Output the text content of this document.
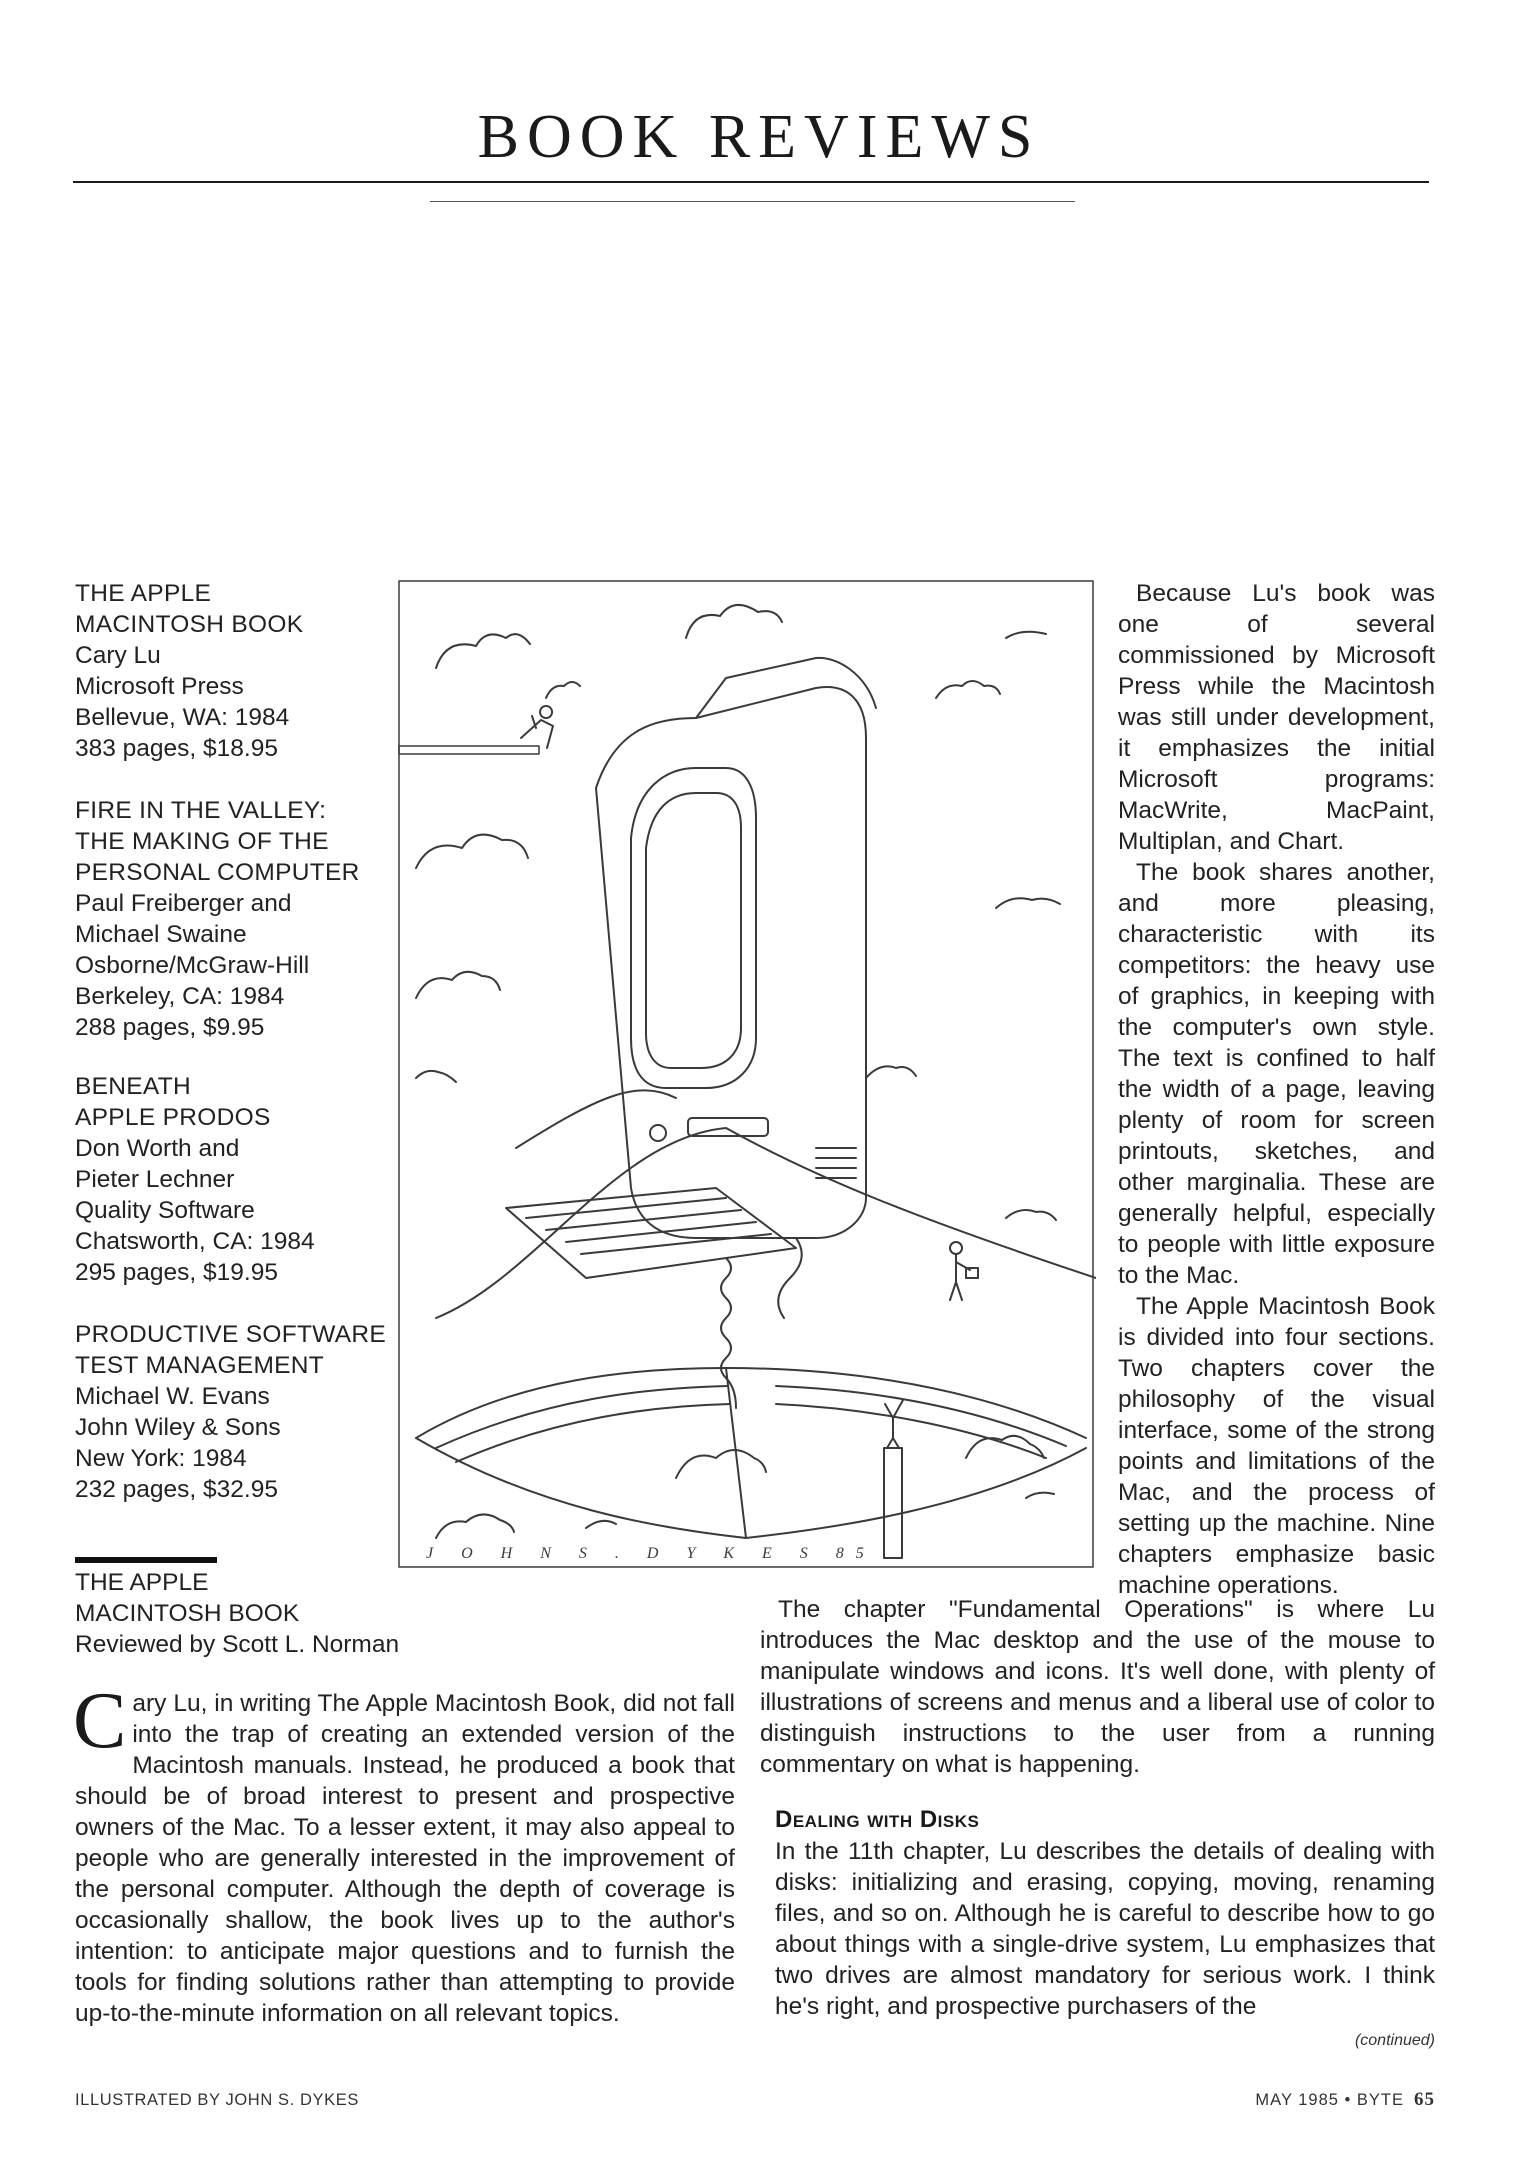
BOOK REVIEWS
THE APPLE
MACINTOSH BOOK
Cary Lu
Microsoft Press
Bellevue, WA: 1984
383 pages, $18.95
FIRE IN THE VALLEY:
THE MAKING OF THE
PERSONAL COMPUTER
Paul Freiberger and
Michael Swaine
Osborne/McGraw-Hill
Berkeley, CA: 1984
288 pages, $9.95
BENEATH
APPLE PRODOS
Don Worth and
Pieter Lechner
Quality Software
Chatsworth, CA: 1984
295 pages, $19.95
PRODUCTIVE SOFTWARE
TEST MANAGEMENT
Michael W. Evans
John Wiley & Sons
New York: 1984
232 pages, $32.95
J O H N S . D Y K E S 85

Because Lu's book was one of several commissioned by Microsoft Press while the Macintosh was still under development, it emphasizes the initial Microsoft programs: MacWrite, MacPaint, Multiplan, and Chart.

The book shares another, and more pleasing, characteristic with its competitors: the heavy use of graphics, in keeping with the computer's own style. The text is confined to half the width of a page, leaving plenty of room for screen printouts, sketches, and other marginalia. These are generally helpful, especially to people with little exposure to the Mac.

The Apple Macintosh Book is divided into four sections. Two chapters cover the philosophy of the visual interface, some of the strong points and limitations of the Mac, and the process of setting up the machine. Nine chapters emphasize basic machine operations.

THE APPLE
MACINTOSH BOOK
Reviewed by Scott L. Norman

Cary Lu, in writing The Apple Macintosh Book, did not fall into the trap of creating an extended version of the Macintosh manuals. Instead, he produced a book that should be of broad interest to present and prospective owners of the Mac. To a lesser extent, it may also appeal to people who are generally interested in the improvement of the personal computer. Although the depth of coverage is occasionally shallow, the book lives up to the author's intention: to anticipate major questions and to furnish the tools for finding solutions rather than attempting to provide up-to-the-minute information on all relevant topics.

The chapter "Fundamental Operations" is where Lu introduces the Mac desktop and the use of the mouse to manipulate windows and icons. It's well done, with plenty of illustrations of screens and menus and a liberal use of color to distinguish instructions to the user from a running commentary on what is happening.

Dealing with Disks

In the 11th chapter, Lu describes the details of dealing with disks: initializing and erasing, copying, moving, renaming files, and so on. Although he is careful to describe how to go about things with a single-drive system, Lu emphasizes that two drives are almost mandatory for serious work. I think he's right, and prospective purchasers of the

(continued)
ILLUSTRATED BY JOHN S. DYKES	MAY 1985 • BYTE 65
